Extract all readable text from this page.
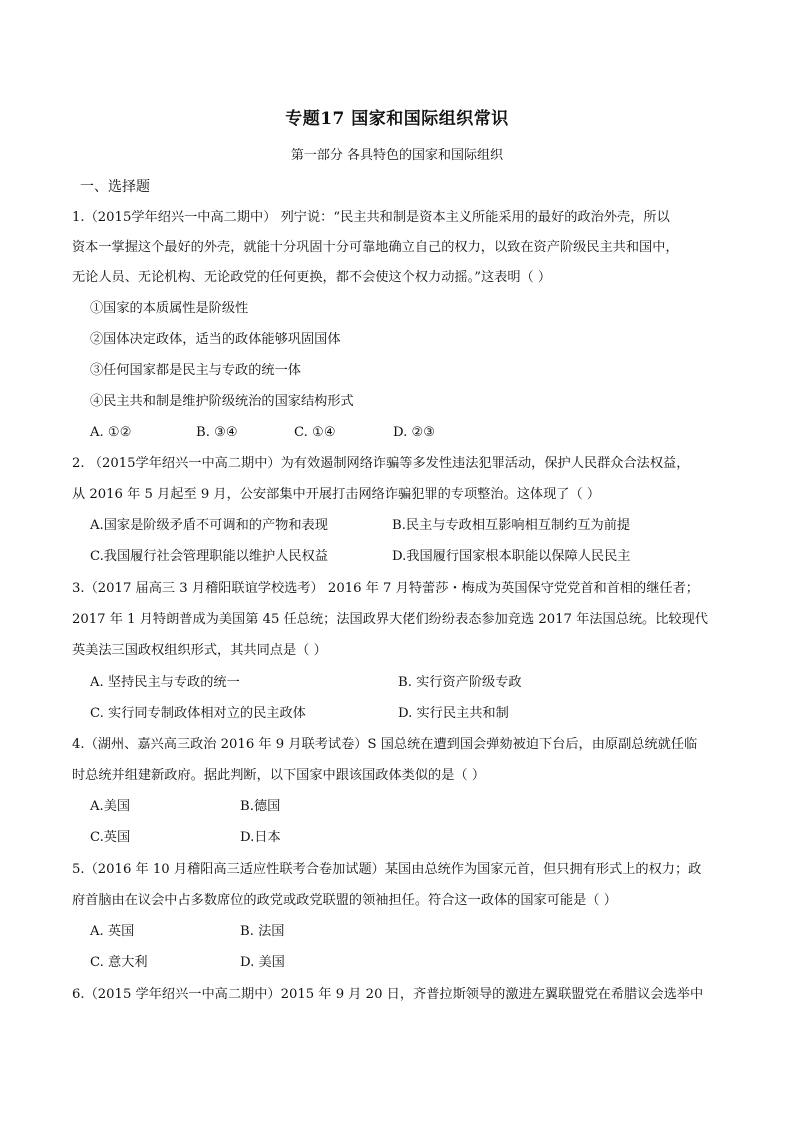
专题17 国家和国际组织常识
第一部分 各具特色的国家和国际组织
一、选择题
1.（2015学年绍兴一中高二期中） 列宁说：“民主共和制是资本主义所能采用的最好的政治外壳，所以
资本一掌握这个最好的外壳，就能十分巩固十分可靠地确立自己的权力，以致在资产阶级民主共和国中，
无论人员、无论机构、无论政党的任何更换，都不会使这个权力动摇。”这表明（ ）
①国家的本质属性是阶级性
②国体决定政体，适当的政体能够巩固国体
③任何国家都是民主与专政的统一体
④民主共和制是维护阶级统治的国家结构形式
A. ①②	B. ③④	C. ①④	D. ②③
2. （2015学年绍兴一中高二期中）为有效遏制网络诈骗等多发性违法犯罪活动，保护人民群众合法权益，
从 2016 年 5 月起至 9 月，公安部集中开展打击网络诈骗犯罪的专项整治。这体现了（ ）
A.国家是阶级矛盾不可调和的产物和表现	B.民主与专政相互影响相互制约互为前提
C.我国履行社会管理职能以维护人民权益	D.我国履行国家根本职能以保障人民民主
3.（2017 届高三 3 月稽阳联谊学校选考） 2016 年 7 月特蕾莎・梅成为英国保守党党首和首相的继任者；
2017 年 1 月特朗普成为美国第 45 任总统；法国政界大佬们纷纷表态参加竞选 2017 年法国总统。比较现代
英美法三国政权组织形式，其共同点是（ ）
A. 坚持民主与专政的统一	B. 实行资产阶级专政
C. 实行同专制政体相对立的民主政体	D. 实行民主共和制
4.（湖州、嘉兴高三政治 2016 年 9 月联考试卷）S 国总统在遭到国会弹劾被迫下台后，由原副总统就任临
时总统并组建新政府。据此判断，以下国家中跟该国政体类似的是（ ）
A.美国	B.德国
C.英国	D.日本
5.（2016 年 10 月稽阳高三适应性联考合卷加试题）某国由总统作为国家元首，但只拥有形式上的权力；政
府首脑由在议会中占多数席位的政党或政党联盟的领袖担任。符合这一政体的国家可能是（ ）
A. 英国	B. 法国
C. 意大利	D. 美国
6.（2015 学年绍兴一中高二期中）2015 年 9 月 20 日，齐普拉斯领导的激进左翼联盟党在希腊议会选举中
